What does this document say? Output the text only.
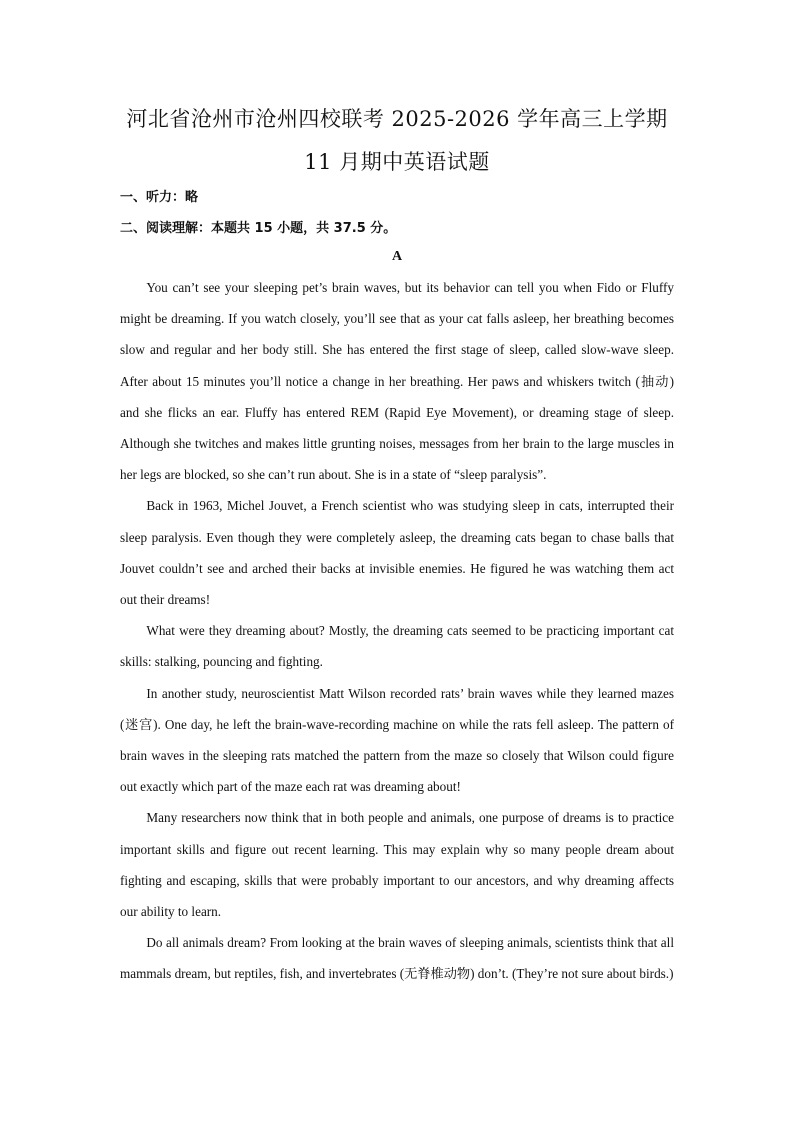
河北省沧州市沧州四校联考 2025-2026 学年高三上学期
11 月期中英语试题
一、听力：略
二、阅读理解：本题共 15 小题，共 37.5 分。
A

You can’t see your sleeping pet’s brain waves, but its behavior can tell you when Fido or Fluffy might be dreaming. If you watch closely, you’ll see that as your cat falls asleep, her breathing becomes slow and regular and her body still. She has entered the first stage of sleep, called slow-wave sleep. After about 15 minutes you’ll notice a change in her breathing. Her paws and whiskers twitch (抽动) and she flicks an ear. Fluffy has entered REM (Rapid Eye Movement), or dreaming stage of sleep. Although she twitches and makes little grunting noises, messages from her brain to the large muscles in her legs are blocked, so she can’t run about. She is in a state of “sleep paralysis”.

Back in 1963, Michel Jouvet, a French scientist who was studying sleep in cats, interrupted their sleep paralysis. Even though they were completely asleep, the dreaming cats began to chase balls that Jouvet couldn’t see and arched their backs at invisible enemies. He figured he was watching them act out their dreams!

What were they dreaming about? Mostly, the dreaming cats seemed to be practicing important cat skills: stalking, pouncing and fighting.

In another study, neuroscientist Matt Wilson recorded rats’ brain waves while they learned mazes (迷宫). One day, he left the brain-wave-recording machine on while the rats fell asleep. The pattern of brain waves in the sleeping rats matched the pattern from the maze so closely that Wilson could figure out exactly which part of the maze each rat was dreaming about!

Many researchers now think that in both people and animals, one purpose of dreams is to practice important skills and figure out recent learning. This may explain why so many people dream about fighting and escaping, skills that were probably important to our ancestors, and why dreaming affects our ability to learn.

Do all animals dream? From looking at the brain waves of sleeping animals, scientists think that all mammals dream, but reptiles, fish, and invertebrates (无脊椎动物) don’t. (They’re not sure about birds.)
